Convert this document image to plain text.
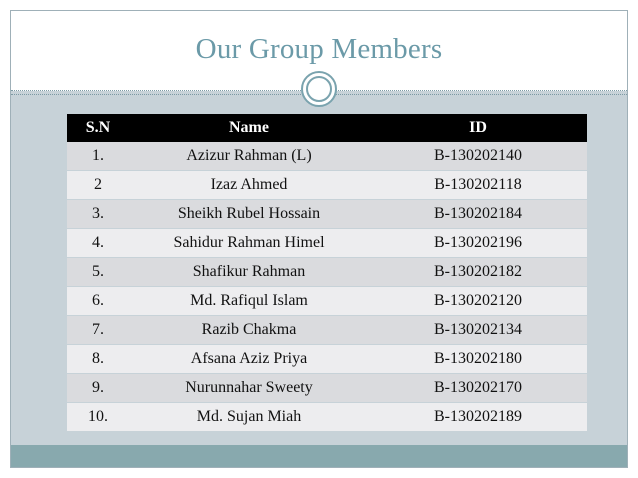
Our Group Members
S.N	Name	ID
1.	Azizur Rahman (L)	B-130202140
2	Izaz Ahmed	B-130202118
3.	Sheikh Rubel Hossain	B-130202184
4.	Sahidur Rahman Himel	B-130202196
5.	Shafikur Rahman	B-130202182
6.	Md. Rafiqul Islam	B-130202120
7.	Razib Chakma	B-130202134
8.	Afsana Aziz Priya	B-130202180
9.	Nurunnahar Sweety	B-130202170
10.	Md. Sujan Miah	B-130202189
